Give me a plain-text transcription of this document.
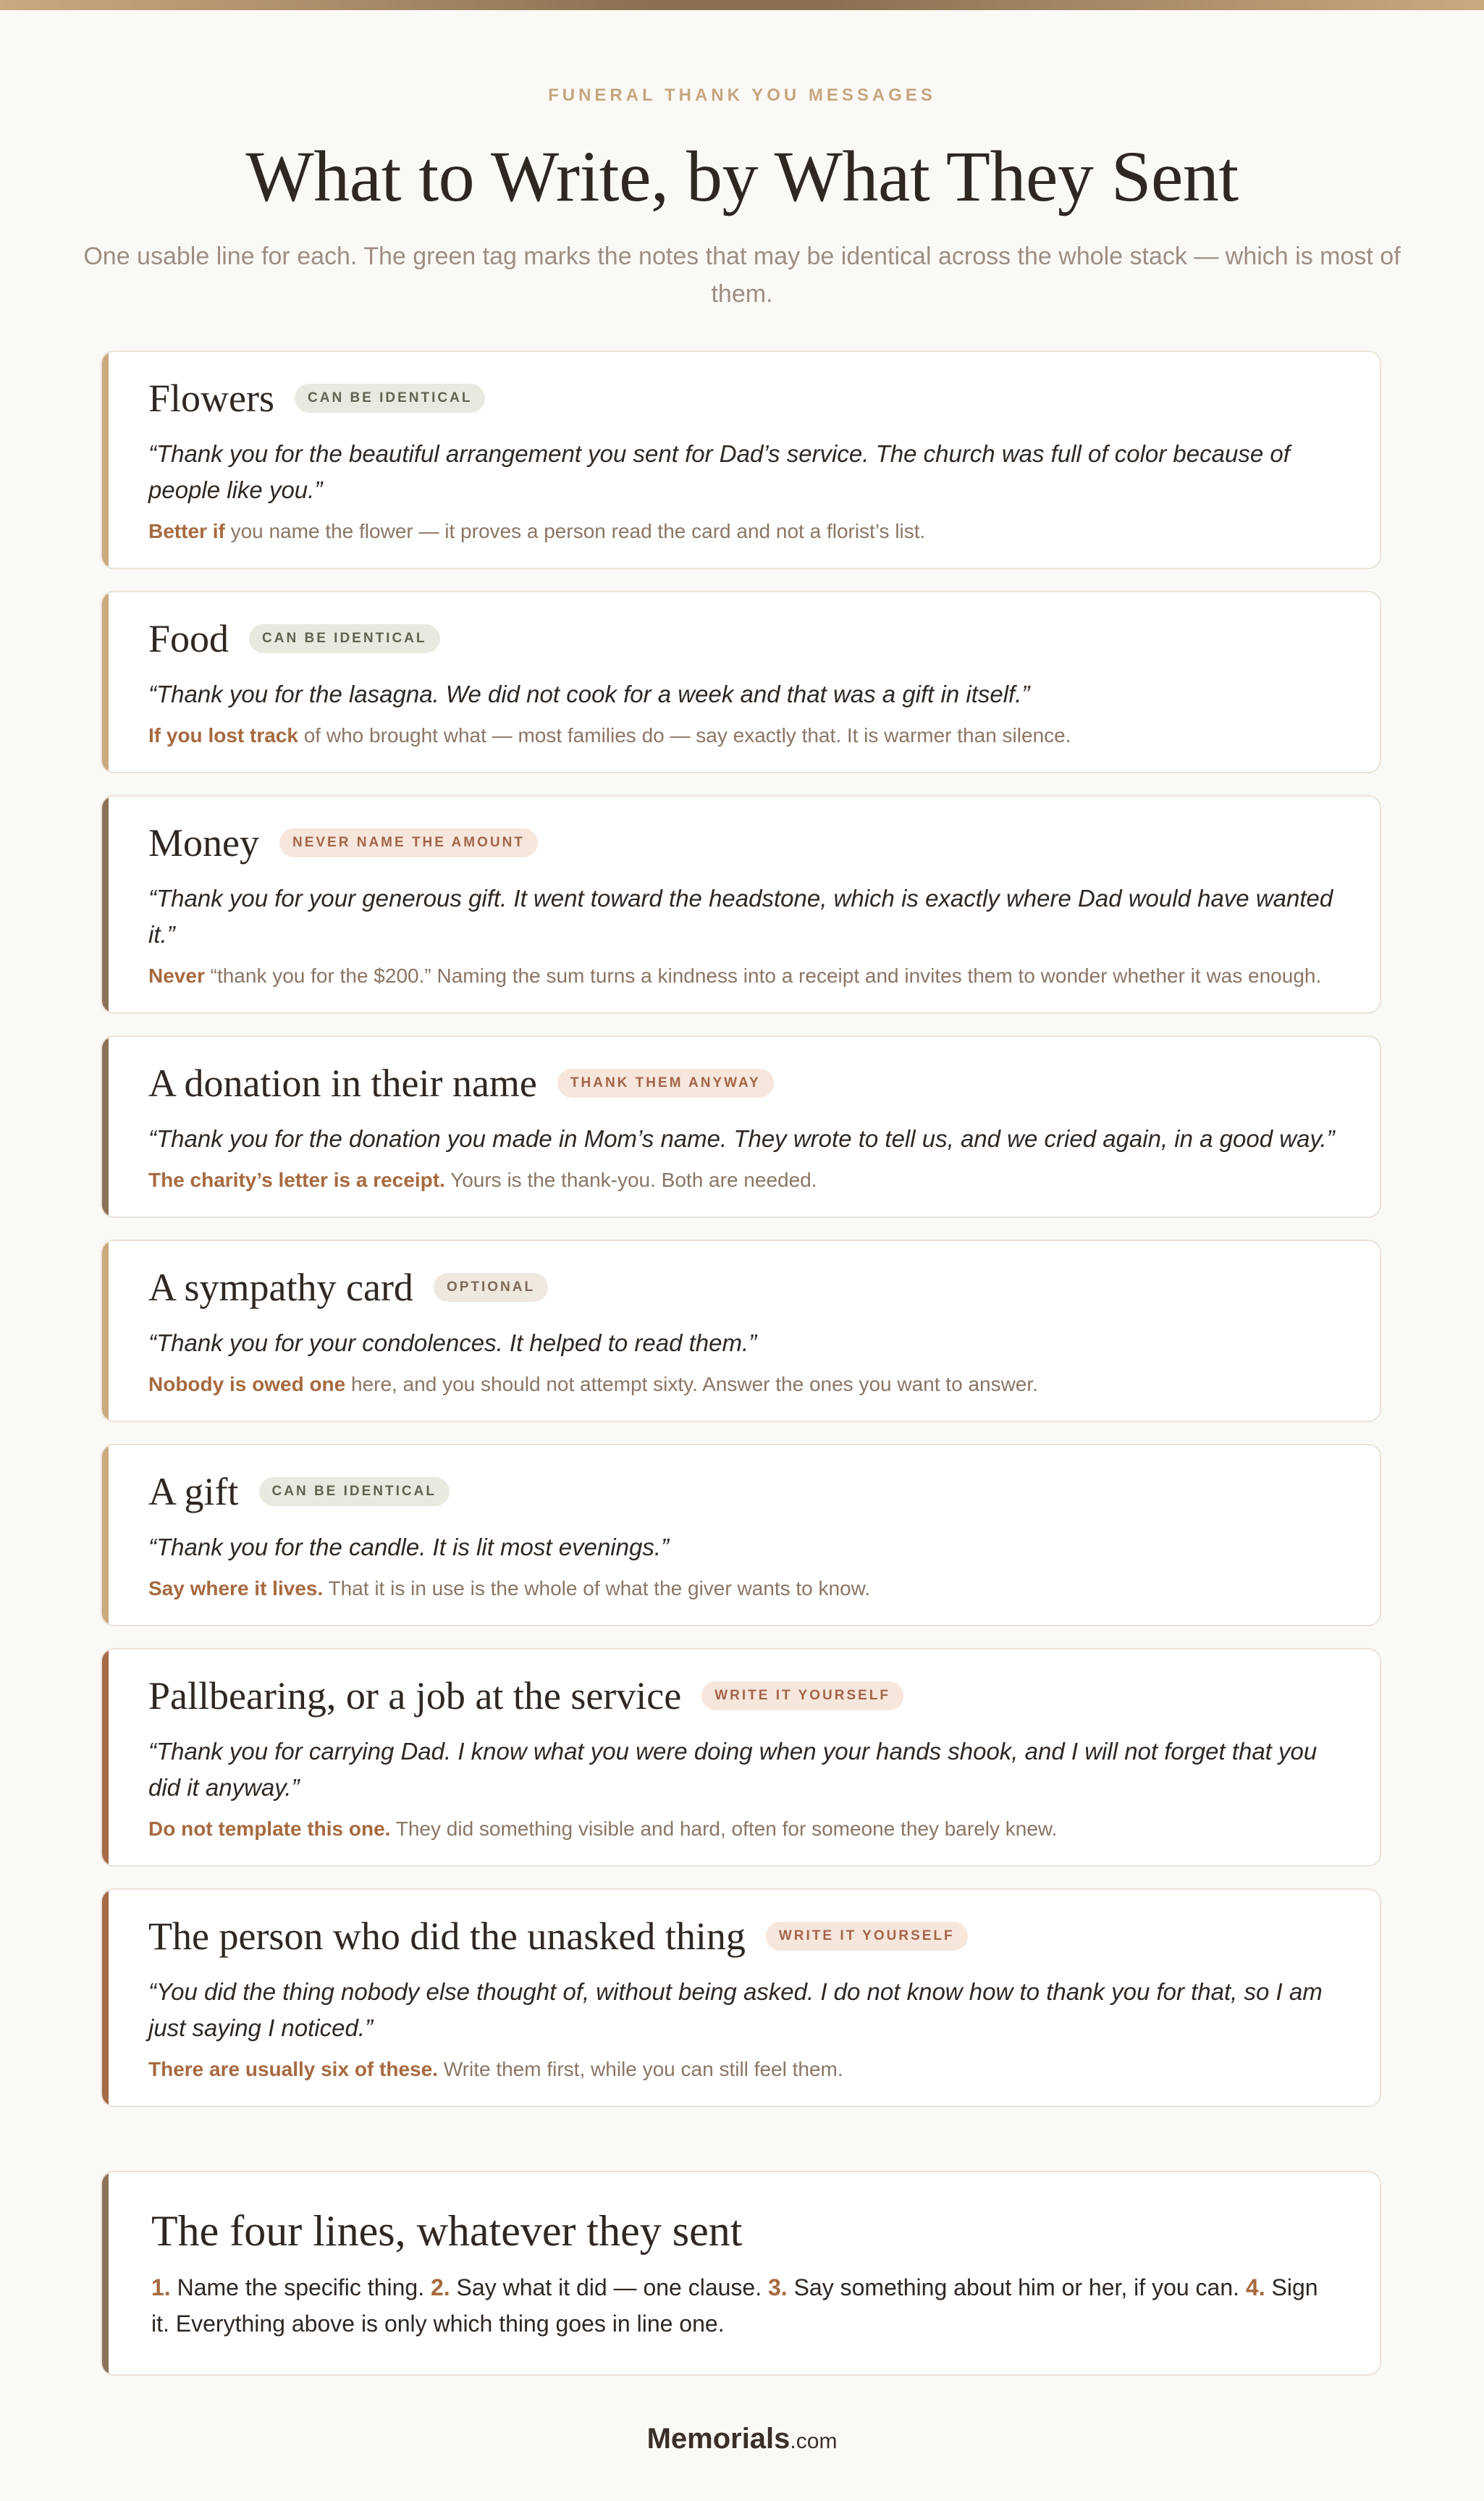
FUNERAL THANK YOU MESSAGES
What to Write, by What They Sent
One usable line for each. The green tag marks the notes that may be identical across the whole stack — which is most of them.
Flowers	CAN BE IDENTICAL
“Thank you for the beautiful arrangement you sent for Dad’s service. The church was full of color because of people like you.”
Better if you name the flower — it proves a person read the card and not a florist’s list.
Food	CAN BE IDENTICAL
“Thank you for the lasagna. We did not cook for a week and that was a gift in itself.”
If you lost track of who brought what — most families do — say exactly that. It is warmer than silence.
Money	NEVER NAME THE AMOUNT
“Thank you for your generous gift. It went toward the headstone, which is exactly where Dad would have wanted it.”
Never “thank you for the $200.” Naming the sum turns a kindness into a receipt and invites them to wonder whether it was enough.
A donation in their name	THANK THEM ANYWAY
“Thank you for the donation you made in Mom’s name. They wrote to tell us, and we cried again, in a good way.”
The charity’s letter is a receipt. Yours is the thank-you. Both are needed.
A sympathy card	OPTIONAL
“Thank you for your condolences. It helped to read them.”
Nobody is owed one here, and you should not attempt sixty. Answer the ones you want to answer.
A gift	CAN BE IDENTICAL
“Thank you for the candle. It is lit most evenings.”
Say where it lives. That it is in use is the whole of what the giver wants to know.
Pallbearing, or a job at the service	WRITE IT YOURSELF
“Thank you for carrying Dad. I know what you were doing when your hands shook, and I will not forget that you did it anyway.”
Do not template this one. They did something visible and hard, often for someone they barely knew.
The person who did the unasked thing	WRITE IT YOURSELF
“You did the thing nobody else thought of, without being asked. I do not know how to thank you for that, so I am just saying I noticed.”
There are usually six of these. Write them first, while you can still feel them.
The four lines, whatever they sent
1. Name the specific thing. 2. Say what it did — one clause. 3. Say something about him or her, if you can. 4. Sign it. Everything above is only which thing goes in line one.
Memorials.com
